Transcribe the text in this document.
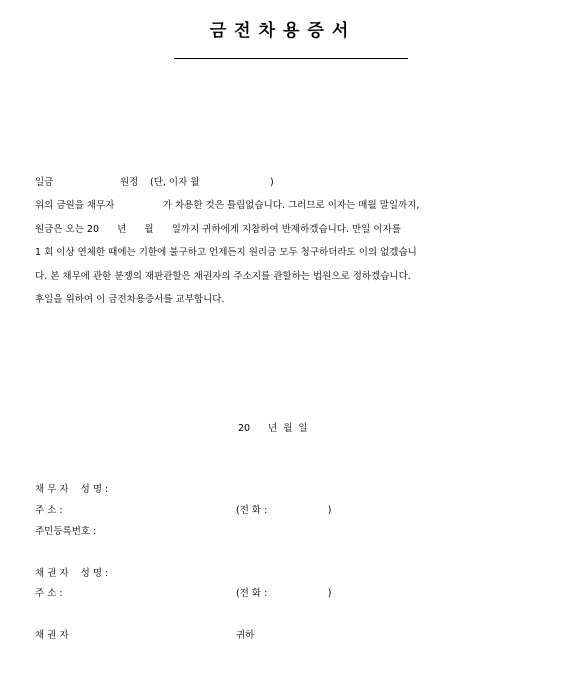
금전차용증서
일금	원정 (단, 이자 월	)
위의 금원을 채무자                가 차용한 것은 틀림없습니다. 그러므로 이자는 매월 말일까지,
원금은 오는 20      년      월      일까지 귀하에게 지참하여 반제하겠습니다. 만일 이자를
1 회 이상 연체한 때에는 기한에 불구하고 언제든지 원리금 모두 청구하더라도 이의 없겠습니
다. 본 채무에 관한 분쟁의 재판관할은 채권자의 주소지를 관할하는 법원으로 정하겠습니다.
후일을 위하여 이 금전차용증서를 교부합니다.
20 년  월  일
채 무 자    성 명 :
주 소 :	(전 화 :                    )
주민등록번호 :
채 권 자    성 명 :
주 소 :	(전 화 :                    )
채 권 자	귀하
